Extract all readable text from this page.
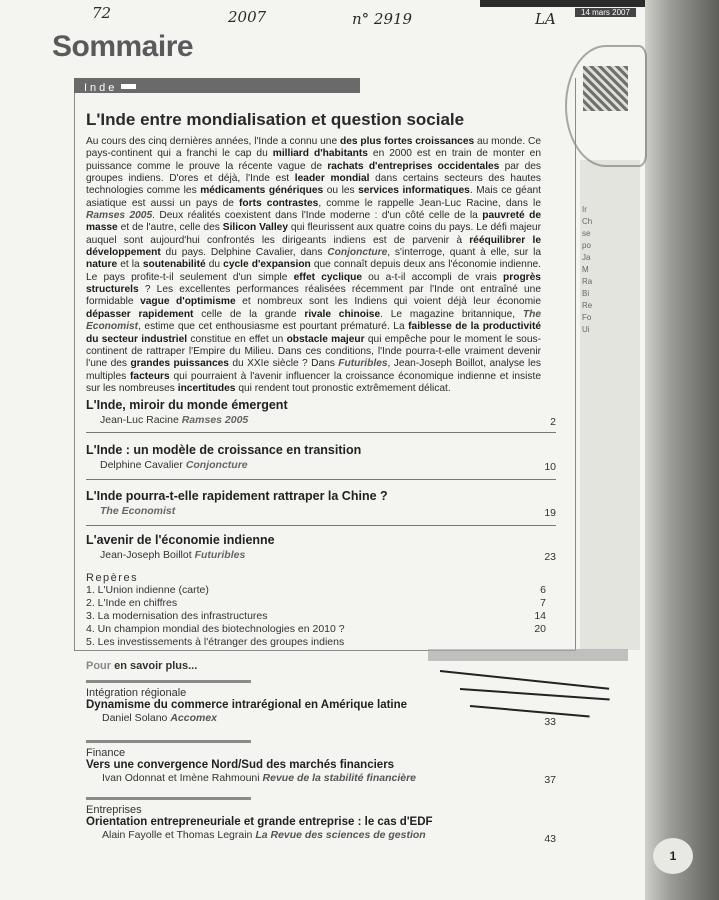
14 mars 2007
72	2007	n° 2919	LA
Sommaire
Ir
Ch
se
po
Ja
M
Ra
Bi
Re
Fo
Ui
Inde
L'Inde entre mondialisation et question sociale
Au cours des cinq dernières années, l'Inde a connu une des plus fortes croissances au monde. Ce pays-continent qui a franchi le cap du milliard d'habitants en 2000 est en train de monter en puissance comme le prouve la récente vague de rachats d'entreprises occidentales par des groupes indiens. D'ores et déjà, l'Inde est leader mondial dans certains secteurs des hautes technologies comme les médicaments génériques ou les services informatiques. Mais ce géant asiatique est aussi un pays de forts contrastes, comme le rappelle Jean-Luc Racine, dans le Ramses 2005. Deux réalités coexistent dans l'Inde moderne : d'un côté celle de la pauvreté de masse et de l'autre, celle des Silicon Valley qui fleurissent aux quatre coins du pays. Le défi majeur auquel sont aujourd'hui confrontés les dirigeants indiens est de parvenir à rééquilibrer le développement du pays. Delphine Cavalier, dans Conjoncture, s'interroge, quant à elle, sur la nature et la soutenabilité du cycle d'expansion que connaît depuis deux ans l'économie indienne. Le pays profite-t-il seulement d'un simple effet cyclique ou a-t-il accompli de vrais progrès structurels ? Les excellentes performances réalisées récemment par l'Inde ont entraîné une formidable vague d'optimisme et nombreux sont les Indiens qui voient déjà leur économie dépasser rapidement celle de la grande rivale chinoise. Le magazine britannique, The Economist, estime que cet enthousiasme est pourtant prématuré. La faiblesse de la productivité du secteur industriel constitue en effet un obstacle majeur qui empêche pour le moment le sous-continent de rattraper l'Empire du Milieu. Dans ces conditions, l'Inde pourra-t-elle vraiment devenir l'une des grandes puissances du XXIe siècle ? Dans Futuribles, Jean-Joseph Boillot, analyse les multiples facteurs qui pourraient à l'avenir influencer la croissance économique indienne et insiste sur les nombreuses incertitudes qui rendent tout pronostic extrêmement délicat.
L'Inde, miroir du monde émergent
Jean-Luc Racine Ramses 2005	2
L'Inde : un modèle de croissance en transition
Delphine Cavalier Conjoncture	10
L'Inde pourra-t-elle rapidement rattraper la Chine ?
The Economist	19
L'avenir de l'économie indienne
Jean-Joseph Boillot Futuribles	23
Repères
1. L'Union indienne (carte)	6
2. L'Inde en chiffres	7
3. La modernisation des infrastructures	14
4. Un champion mondial des biotechnologies en 2010 ?	20
5. Les investissements à l'étranger des groupes indiens
Pour en savoir plus...
Intégration régionale
Dynamisme du commerce intrarégional en Amérique latine
Daniel Solano Accomex	33
Finance
Vers une convergence Nord/Sud des marchés financiers
Ivan Odonnat et Imène Rahmouni Revue de la stabilité financière	37
Entreprises
Orientation entrepreneuriale et grande entreprise : le cas d'EDF
Alain Fayolle et Thomas Legrain La Revue des sciences de gestion	43
1
